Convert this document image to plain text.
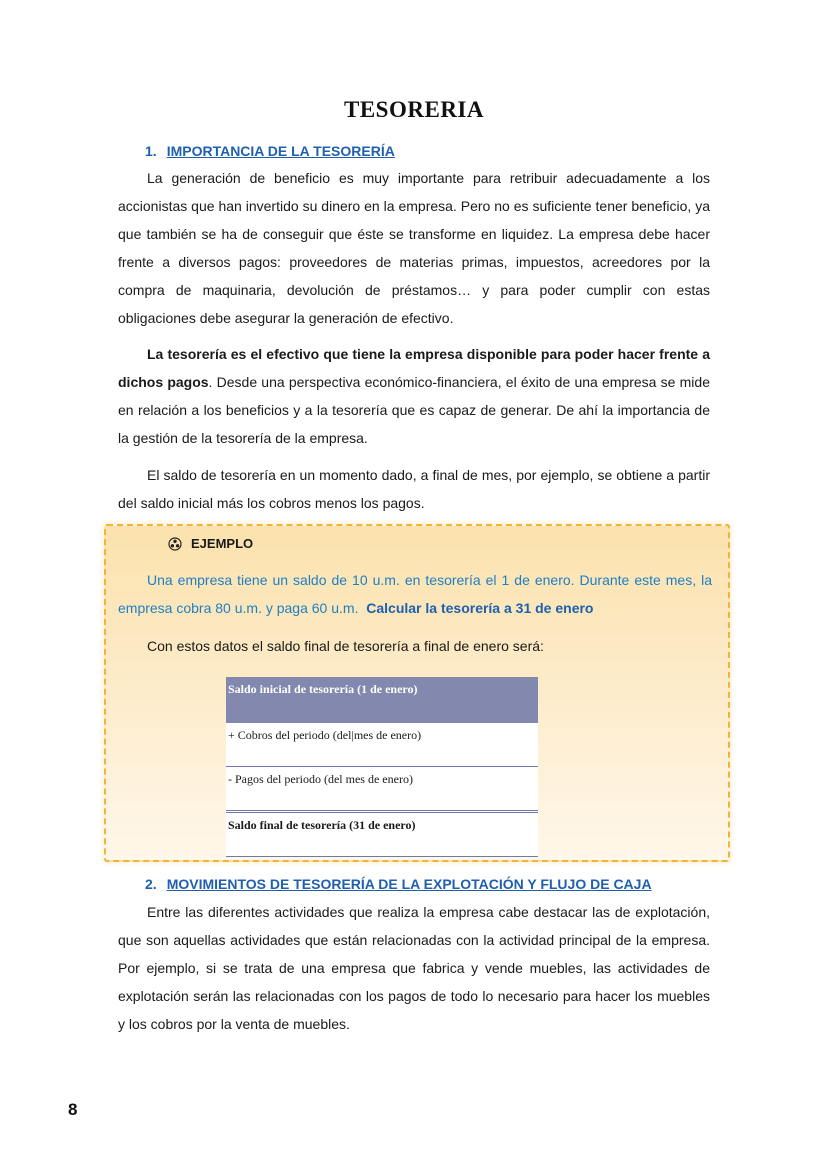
TESORERIA
1. IMPORTANCIA DE LA TESORERÍA

La generación de beneficio es muy importante para retribuir adecuadamente a los accionistas que han invertido su dinero en la empresa. Pero no es suficiente tener beneficio, ya que también se ha de conseguir que éste se transforme en liquidez. La empresa debe hacer frente a diversos pagos: proveedores de materias primas, impuestos, acreedores por la compra de maquinaria, devolución de préstamos… y para poder cumplir con estas obligaciones debe asegurar la generación de efectivo.

La tesorería es el efectivo que tiene la empresa disponible para poder hacer frente a dichos pagos. Desde una perspectiva económico-financiera, el éxito de una empresa se mide en relación a los beneficios y a la tesorería que es capaz de generar. De ahí la importancia de la gestión de la tesorería de la empresa.

El saldo de tesorería en un momento dado, a final de mes, por ejemplo, se obtiene a partir del saldo inicial más los cobros menos los pagos.

EJEMPLO

Una empresa tiene un saldo de 10 u.m. en tesorería el 1 de enero. Durante este mes, la empresa cobra 80 u.m. y paga 60 u.m. Calcular la tesorería a 31 de enero

Con estos datos el saldo final de tesorería a final de enero será:

Saldo inicial de tesorería (1 de enero)
+ Cobros del periodo (del|mes de enero)
- Pagos del periodo (del mes de enero)
Saldo final de tesorería (31 de enero)
2. MOVIMIENTOS DE TESORERÍA DE LA EXPLOTACIÓN Y FLUJO DE CAJA

Entre las diferentes actividades que realiza la empresa cabe destacar las de explotación, que son aquellas actividades que están relacionadas con la actividad principal de la empresa. Por ejemplo, si se trata de una empresa que fabrica y vende muebles, las actividades de explotación serán las relacionadas con los pagos de todo lo necesario para hacer los muebles y los cobros por la venta de muebles.

8
